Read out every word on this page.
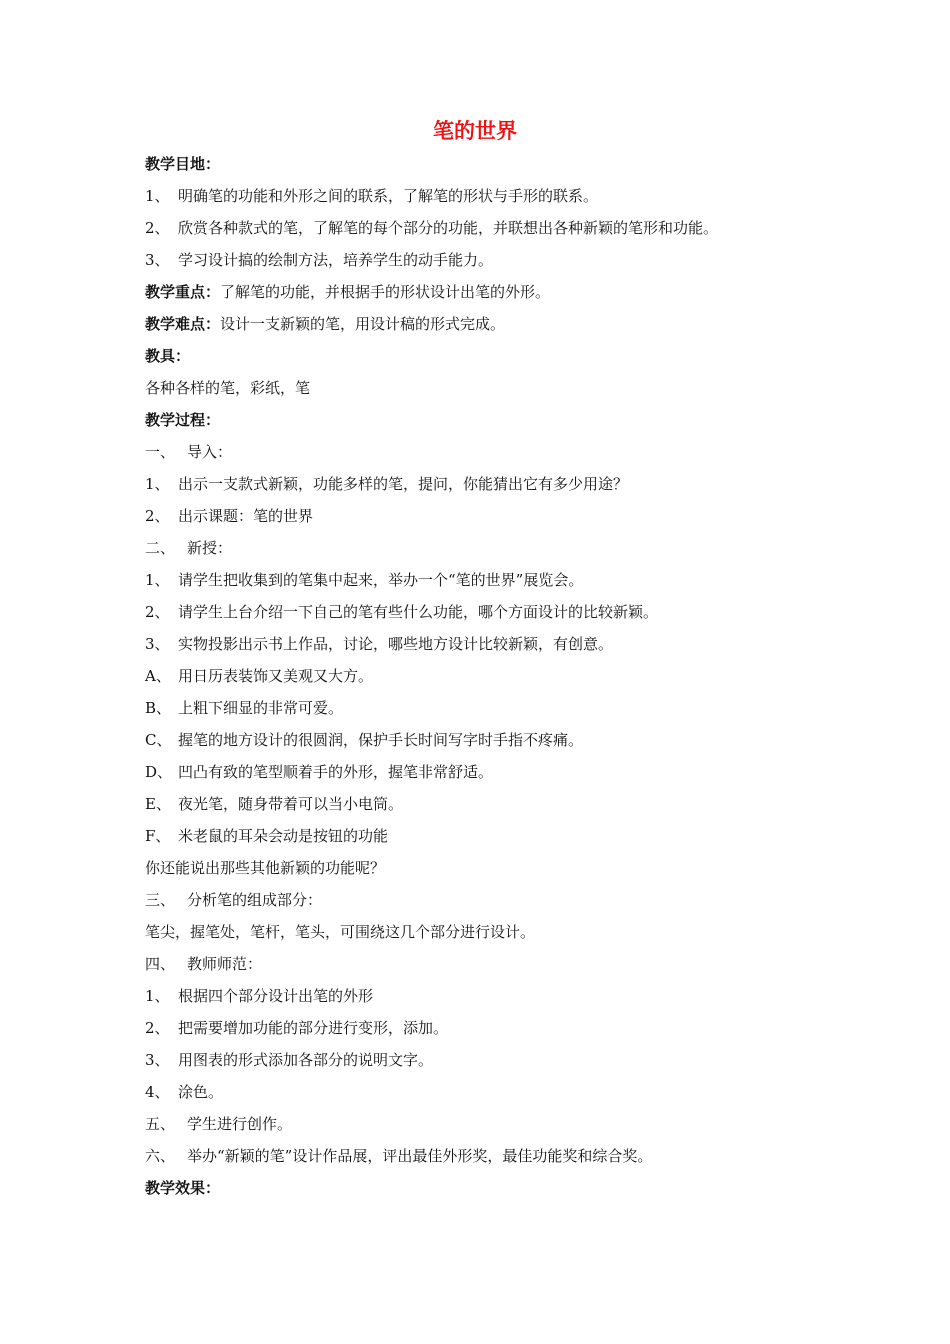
笔的世界
教学目地：
1、 明确笔的功能和外形之间的联系，了解笔的形状与手形的联系。
2、 欣赏各种款式的笔，了解笔的每个部分的功能，并联想出各种新颖的笔形和功能。
3、 学习设计搞的绘制方法，培养学生的动手能力。
教学重点：了解笔的功能，并根据手的形状设计出笔的外形。
教学难点：设计一支新颖的笔，用设计稿的形式完成。
教具：
各种各样的笔，彩纸，笔
教学过程：
一、 导入：
1、 出示一支款式新颖，功能多样的笔，提问，你能猜出它有多少用途？
2、 出示课题：笔的世界
二、 新授：
1、 请学生把收集到的笔集中起来，举办一个“笔的世界”展览会。
2、 请学生上台介绍一下自己的笔有些什么功能，哪个方面设计的比较新颖。
3、 实物投影出示书上作品，讨论，哪些地方设计比较新颖，有创意。
A、 用日历表装饰又美观又大方。
B、 上粗下细显的非常可爱。
C、 握笔的地方设计的很圆润，保护手长时间写字时手指不疼痛。
D、 凹凸有致的笔型顺着手的外形，握笔非常舒适。
E、 夜光笔，随身带着可以当小电筒。
F、 米老鼠的耳朵会动是按钮的功能
你还能说出那些其他新颖的功能呢？
三、 分析笔的组成部分：
笔尖，握笔处，笔杆，笔头，可围绕这几个部分进行设计。
四、 教师师范：
1、 根据四个部分设计出笔的外形
2、 把需要增加功能的部分进行变形，添加。
3、 用图表的形式添加各部分的说明文字。
4、 涂色。
五、 学生进行创作。
六、 举办“新颖的笔”设计作品展，评出最佳外形奖，最佳功能奖和综合奖。
教学效果：
